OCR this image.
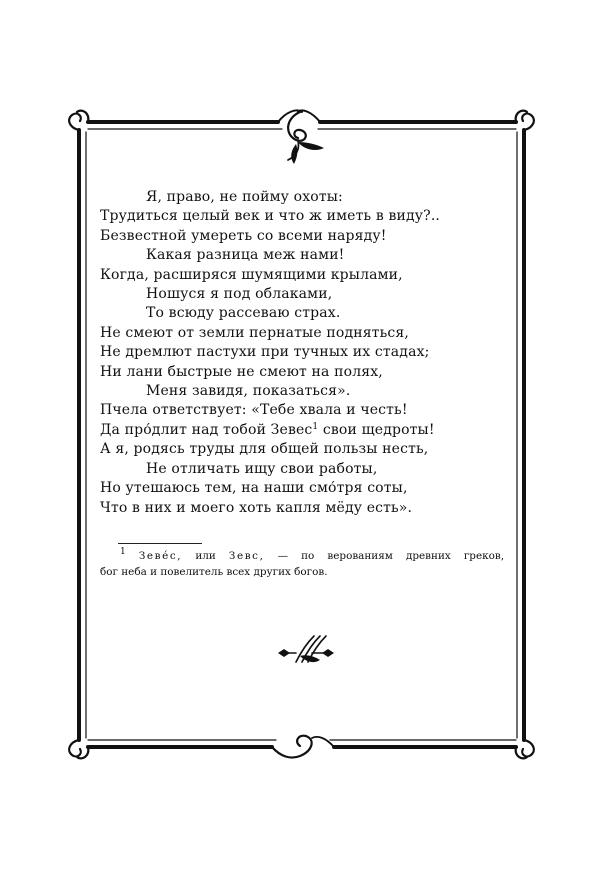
Я, право, не пойму охоты:
Трудиться целый век и что ж иметь в виду?..
Безвестной умереть со всеми наряду!
Какая разница меж нами!
Когда, расширяся шумящими крылами,
Ношуся я под облаками,
То всюду рассеваю страх.
Не смеют от земли пернатые подняться,
Не дремлют пастухи при тучных их стадах;
Ни лани быстрые не смеют на полях,
Меня завидя, показаться».
Пчела ответствует: «Тебе хвала и честь!
Да про́длит над тобой Зевес$^1$ свои щедроты!
А я, родясь труды для общей пользы несть,
Не отличать ищу свои работы,
Но утешаюсь тем, на наши смо́тря соты,
Что в них и моего хоть капля мёду есть».
$^1$ Зеве́с, или Зевс, — по верованиям древних греков,
бог неба и повелитель всех других богов.
